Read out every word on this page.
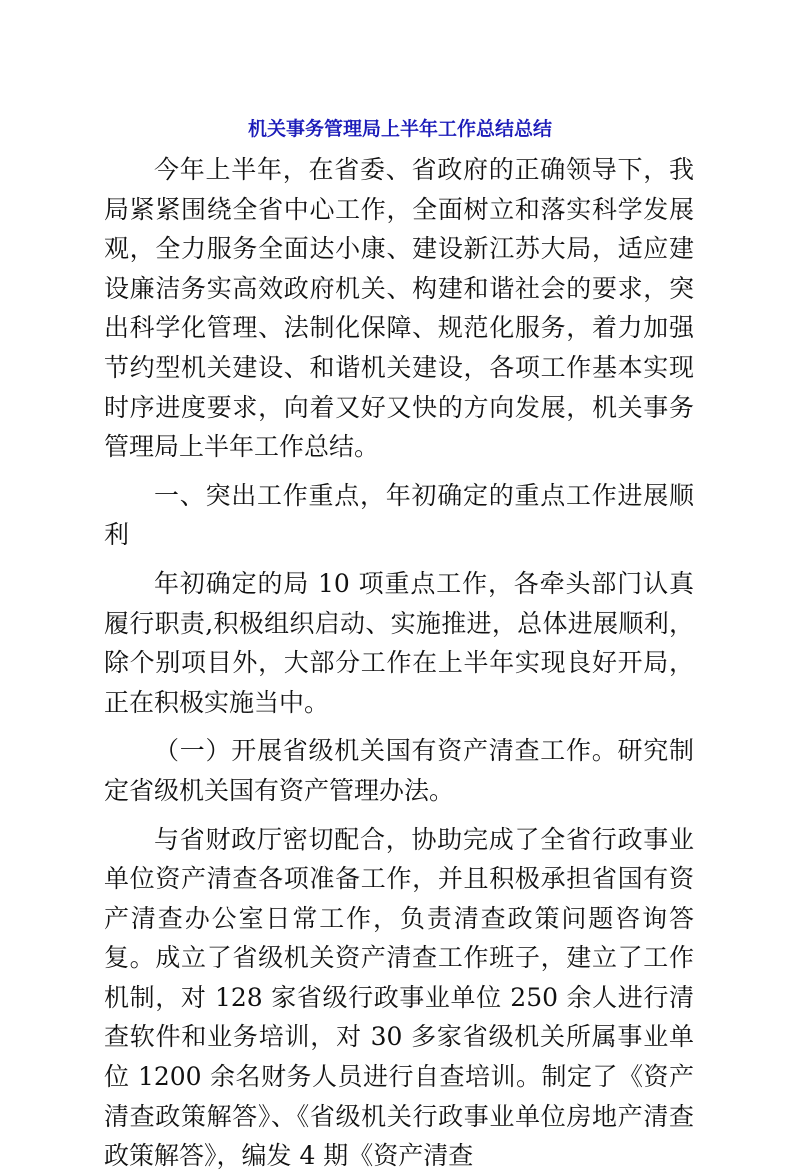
机关事务管理局上半年工作总结总结

今年上半年，在省委、省政府的正确领导下，我局紧紧围绕全省中心工作，全面树立和落实科学发展观，全力服务全面达小康、建设新江苏大局，适应建设廉洁务实高效政府机关、构建和谐社会的要求，突出科学化管理、法制化保障、规范化服务，着力加强节约型机关建设、和谐机关建设，各项工作基本实现时序进度要求，向着又好又快的方向发展，机关事务管理局上半年工作总结。

一、突出工作重点，年初确定的重点工作进展顺利

年初确定的局 10 项重点工作，各牵头部门认真履行职责,积极组织启动、实施推进，总体进展顺利，除个别项目外，大部分工作在上半年实现良好开局，正在积极实施当中。

（一）开展省级机关国有资产清查工作。研究制定省级机关国有资产管理办法。

与省财政厅密切配合，协助完成了全省行政事业单位资产清查各项准备工作，并且积极承担省国有资产清查办公室日常工作，负责清查政策问题咨询答复。成立了省级机关资产清查工作班子，建立了工作机制，对 128 家省级行政事业单位 250 余人进行清查软件和业务培训，对 30 多家省级机关所属事业单位 1200 余名财务人员进行自查培训。制定了《资产清查政策解答》、《省级机关行政事业单位房地产清查政策解答》，编发 4 期《资产清查
